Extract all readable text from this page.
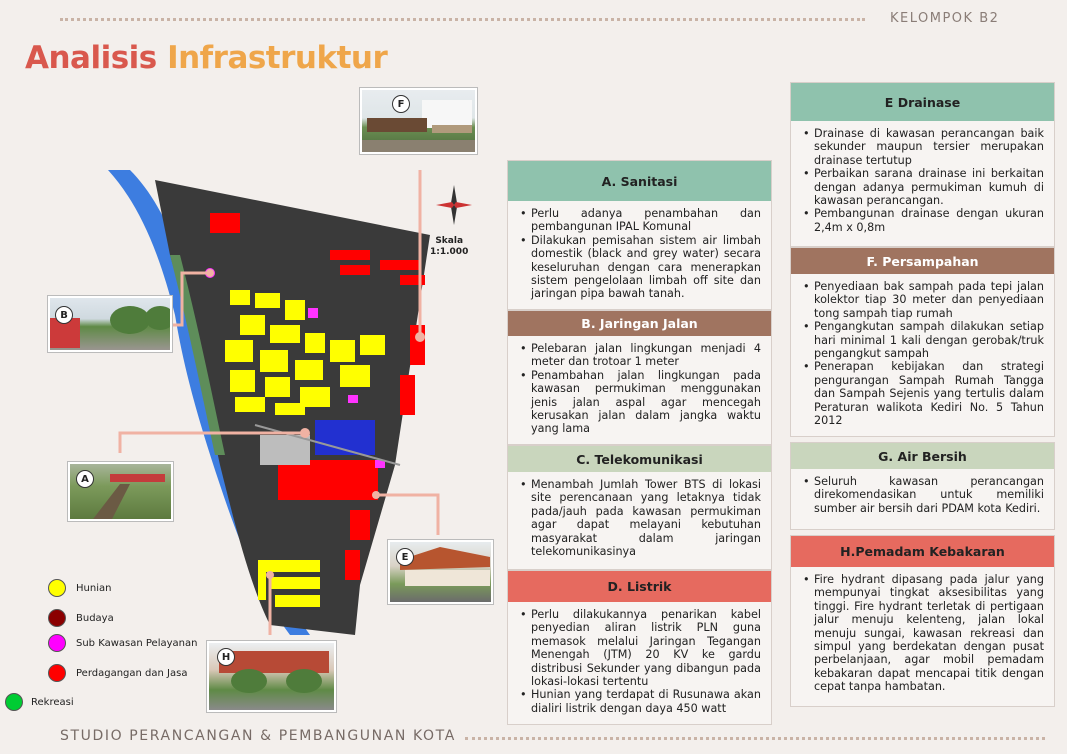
KELOMPOK B2
STUDIO PERANCANGAN & PEMBANGUNAN KOTA
Analisis Infrastruktur
Skala
1:1.000
F
B
A
E
H
Hunian
Budaya
Sub Kawasan Pelayanan
Perdagangan dan Jasa
Rekreasi
A. Sanitasi
• Perlu adanya penambahan dan pembangunan IPAL Komunal
• Dilakukan pemisahan sistem air limbah domestik (black and grey water) secara keseluruhan dengan cara menerapkan sistem pengelolaan limbah off site dan jaringan pipa bawah tanah.
B. Jaringan Jalan
• Pelebaran jalan lingkungan menjadi 4 meter dan trotoar 1 meter
• Penambahan jalan lingkungan pada kawasan permukiman menggunakan jenis jalan aspal agar mencegah kerusakan jalan dalam jangka waktu yang lama
C. Telekomunikasi
• Menambah Jumlah Tower BTS di lokasi site perencanaan yang letaknya tidak pada/jauh pada kawasan permukiman agar dapat melayani kebutuhan masyarakat dalam jaringan telekomunikasinya
D. Listrik
• Perlu dilakukannya penarikan kabel penyedian aliran listrik PLN guna memasok melalui Jaringan Tegangan Menengah (JTM) 20 KV ke gardu distribusi Sekunder yang dibangun pada lokasi-lokasi tertentu
• Hunian yang terdapat di Rusunawa akan dialiri listrik dengan daya 450 watt
E Drainase
• Drainase di kawasan perancangan baik sekunder maupun tersier merupakan drainase tertutup
• Perbaikan sarana drainase ini berkaitan dengan adanya permukiman kumuh di kawasan perancangan.
• Pembangunan drainase dengan ukuran 2,4m x 0,8m
F. Persampahan
• Penyediaan bak sampah pada tepi jalan kolektor tiap 30 meter dan penyediaan tong sampah tiap rumah
• Pengangkutan sampah dilakukan setiap hari minimal 1 kali dengan gerobak/truk pengangkut sampah
• Penerapan kebijakan dan strategi pengurangan Sampah Rumah Tangga dan Sampah Sejenis yang tertulis dalam Peraturan walikota Kediri No. 5 Tahun 2012
G. Air Bersih
• Seluruh kawasan perancangan direkomendasikan untuk memiliki sumber air bersih dari PDAM kota Kediri.
H.Pemadam Kebakaran
• Fire hydrant dipasang pada jalur yang mempunyai tingkat aksesibilitas yang tinggi. Fire hydrant terletak di pertigaan jalur menuju kelenteng, jalan lokal menuju sungai, kawasan rekreasi dan simpul yang berdekatan dengan pusat perbelanjaan, agar mobil pemadam kebakaran dapat mencapai titik dengan cepat tanpa hambatan.
